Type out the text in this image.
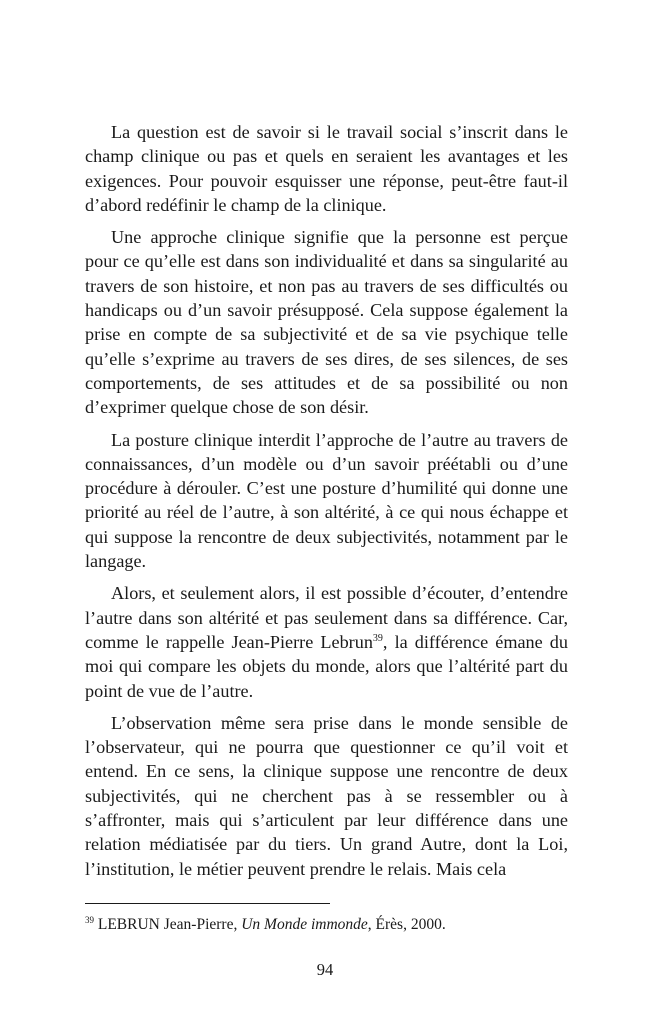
La question est de savoir si le travail social s’inscrit dans le champ clinique ou pas et quels en seraient les avantages et les exigences. Pour pouvoir esquisser une réponse, peut-être faut-il d’abord redéfinir le champ de la clinique.

Une approche clinique signifie que la personne est perçue pour ce qu’elle est dans son individualité et dans sa singularité au travers de son histoire, et non pas au travers de ses difficultés ou handicaps ou d’un savoir présupposé. Cela suppose également la prise en compte de sa subjectivité et de sa vie psychique telle qu’elle s’exprime au travers de ses dires, de ses silences, de ses comportements, de ses attitudes et de sa possibilité ou non d’exprimer quelque chose de son désir.

La posture clinique interdit l’approche de l’autre au travers de connaissances, d’un modèle ou d’un savoir préétabli ou d’une procédure à dérouler. C’est une posture d’humilité qui donne une priorité au réel de l’autre, à son altérité, à ce qui nous échappe et qui suppose la rencontre de deux subjectivités, notamment par le langage.

Alors, et seulement alors, il est possible d’écouter, d’entendre l’autre dans son altérité et pas seulement dans sa différence. Car, comme le rappelle Jean-Pierre Lebrun$^{39}$, la différence émane du moi qui compare les objets du monde, alors que l’altérité part du point de vue de l’autre.

L’observation même sera prise dans le monde sensible de l’observateur, qui ne pourra que questionner ce qu’il voit et entend. En ce sens, la clinique suppose une rencontre de deux subjectivités, qui ne cherchent pas à se ressembler ou à s’affronter, mais qui s’articulent par leur différence dans une relation médiatisée par du tiers. Un grand Autre, dont la Loi, l’institution, le métier peuvent prendre le relais. Mais cela

$^{39}$ LEBRUN Jean-Pierre, Un Monde immonde, Érès, 2000.
94
